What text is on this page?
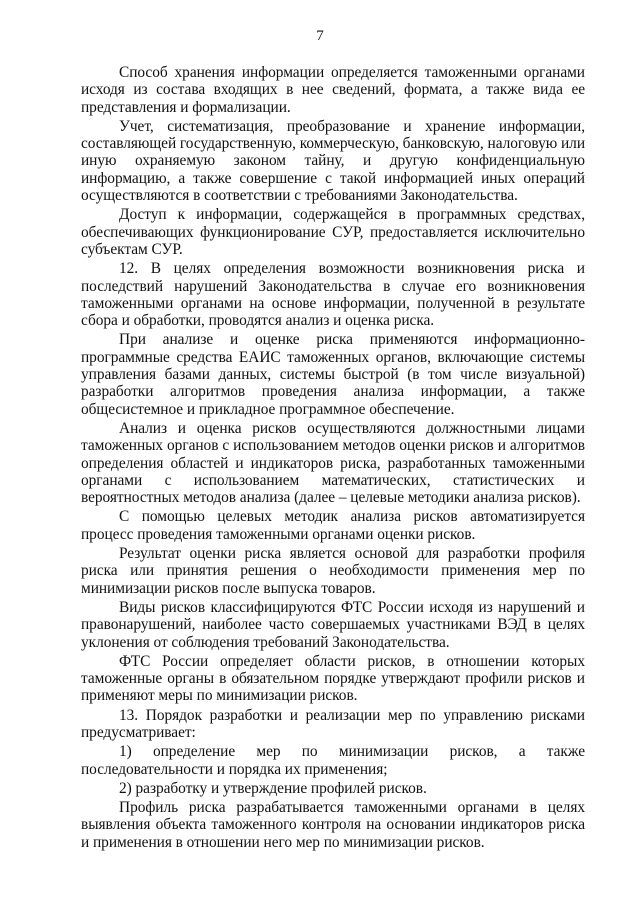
7

Способ хранения информации определяется таможенными органами исходя из состава входящих в нее сведений, формата, а также вида ее представления и формализации.

Учет, систематизация, преобразование и хранение информации, составляющей государственную, коммерческую, банковскую, налоговую или иную охраняемую законом тайну, и другую конфиденциальную информацию, а также совершение с такой информацией иных операций осуществляются в соответствии с требованиями Законодательства.

Доступ к информации, содержащейся в программных средствах, обеспечивающих функционирование СУР, предоставляется исключительно субъектам СУР.

12. В целях определения возможности возникновения риска и последствий нарушений Законодательства в случае его возникновения таможенными органами на основе информации, полученной в результате сбора и обработки, проводятся анализ и оценка риска.

При анализе и оценке риска применяются информационно-программные средства ЕАИС таможенных органов, включающие системы управления базами данных, системы быстрой (в том числе визуальной) разработки алгоритмов проведения анализа информации, а также общесистемное и прикладное программное обеспечение.

Анализ и оценка рисков осуществляются должностными лицами таможенных органов с использованием методов оценки рисков и алгоритмов определения областей и индикаторов риска, разработанных таможенными органами с использованием математических, статистических и вероятностных методов анализа (далее – целевые методики анализа рисков).

С помощью целевых методик анализа рисков автоматизируется процесс проведения таможенными органами оценки рисков.

Результат оценки риска является основой для разработки профиля риска или принятия решения о необходимости применения мер по минимизации рисков после выпуска товаров.

Виды рисков классифицируются ФТС России исходя из нарушений и правонарушений, наиболее часто совершаемых участниками ВЭД в целях уклонения от соблюдения требований Законодательства.

ФТС России определяет области рисков, в отношении которых таможенные органы в обязательном порядке утверждают профили рисков и применяют меры по минимизации рисков.

13. Порядок разработки и реализации мер по управлению рисками предусматривает:

1) определение мер по минимизации рисков, а также последовательности и порядка их применения;

2) разработку и утверждение профилей рисков.

Профиль риска разрабатывается таможенными органами в целях выявления объекта таможенного контроля на основании индикаторов риска и применения в отношении него мер по минимизации рисков.
